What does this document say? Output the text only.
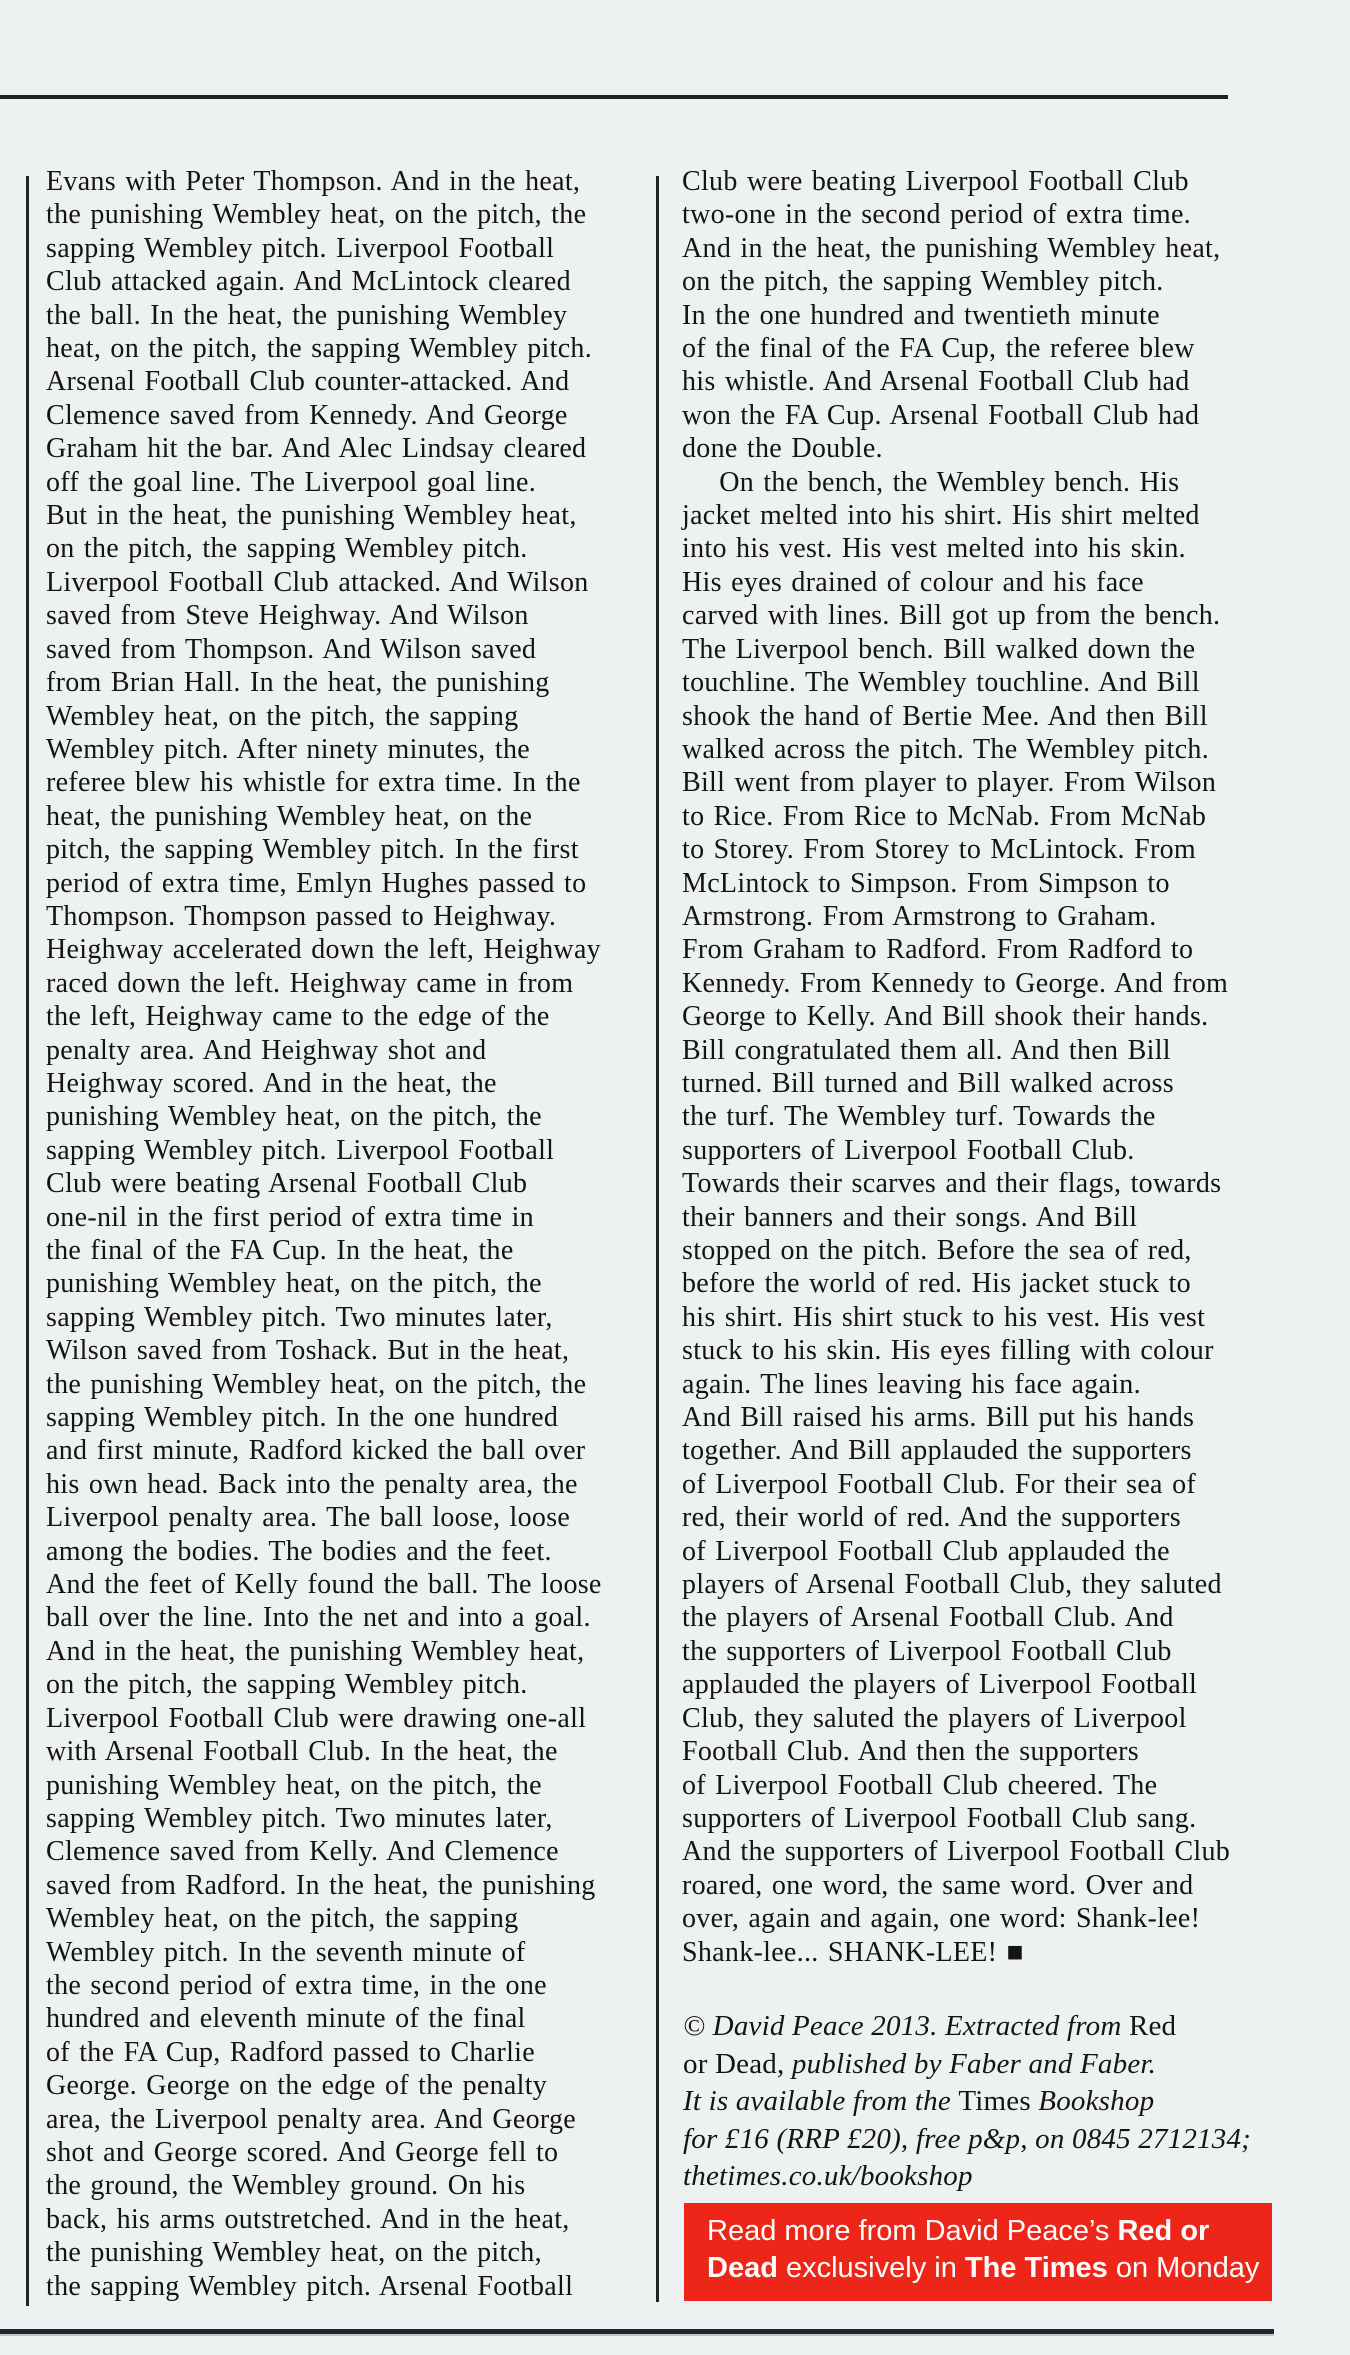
Evans with Peter Thompson. And in the heat,
the punishing Wembley heat, on the pitch, the
sapping Wembley pitch. Liverpool Football
Club attacked again. And McLintock cleared
the ball. In the heat, the punishing Wembley
heat, on the pitch, the sapping Wembley pitch.
Arsenal Football Club counter-attacked. And
Clemence saved from Kennedy. And George
Graham hit the bar. And Alec Lindsay cleared
off the goal line. The Liverpool goal line.
But in the heat, the punishing Wembley heat,
on the pitch, the sapping Wembley pitch.
Liverpool Football Club attacked. And Wilson
saved from Steve Heighway. And Wilson
saved from Thompson. And Wilson saved
from Brian Hall. In the heat, the punishing
Wembley heat, on the pitch, the sapping
Wembley pitch. After ninety minutes, the
referee blew his whistle for extra time. In the
heat, the punishing Wembley heat, on the
pitch, the sapping Wembley pitch. In the first
period of extra time, Emlyn Hughes passed to
Thompson. Thompson passed to Heighway.
Heighway accelerated down the left, Heighway
raced down the left. Heighway came in from
the left, Heighway came to the edge of the
penalty area. And Heighway shot and
Heighway scored. And in the heat, the
punishing Wembley heat, on the pitch, the
sapping Wembley pitch. Liverpool Football
Club were beating Arsenal Football Club
one-nil in the first period of extra time in
the final of the FA Cup. In the heat, the
punishing Wembley heat, on the pitch, the
sapping Wembley pitch. Two minutes later,
Wilson saved from Toshack. But in the heat,
the punishing Wembley heat, on the pitch, the
sapping Wembley pitch. In the one hundred
and first minute, Radford kicked the ball over
his own head. Back into the penalty area, the
Liverpool penalty area. The ball loose, loose
among the bodies. The bodies and the feet.
And the feet of Kelly found the ball. The loose
ball over the line. Into the net and into a goal.
And in the heat, the punishing Wembley heat,
on the pitch, the sapping Wembley pitch.
Liverpool Football Club were drawing one-all
with Arsenal Football Club. In the heat, the
punishing Wembley heat, on the pitch, the
sapping Wembley pitch. Two minutes later,
Clemence saved from Kelly. And Clemence
saved from Radford. In the heat, the punishing
Wembley heat, on the pitch, the sapping
Wembley pitch. In the seventh minute of
the second period of extra time, in the one
hundred and eleventh minute of the final
of the FA Cup, Radford passed to Charlie
George. George on the edge of the penalty
area, the Liverpool penalty area. And George
shot and George scored. And George fell to
the ground, the Wembley ground. On his
back, his arms outstretched. And in the heat,
the punishing Wembley heat, on the pitch,
the sapping Wembley pitch. Arsenal Football
Club were beating Liverpool Football Club
two-one in the second period of extra time.
And in the heat, the punishing Wembley heat,
on the pitch, the sapping Wembley pitch.
In the one hundred and twentieth minute
of the final of the FA Cup, the referee blew
his whistle. And Arsenal Football Club had
won the FA Cup. Arsenal Football Club had
done the Double.
On the bench, the Wembley bench. His
jacket melted into his shirt. His shirt melted
into his vest. His vest melted into his skin.
His eyes drained of colour and his face
carved with lines. Bill got up from the bench.
The Liverpool bench. Bill walked down the
touchline. The Wembley touchline. And Bill
shook the hand of Bertie Mee. And then Bill
walked across the pitch. The Wembley pitch.
Bill went from player to player. From Wilson
to Rice. From Rice to McNab. From McNab
to Storey. From Storey to McLintock. From
McLintock to Simpson. From Simpson to
Armstrong. From Armstrong to Graham.
From Graham to Radford. From Radford to
Kennedy. From Kennedy to George. And from
George to Kelly. And Bill shook their hands.
Bill congratulated them all. And then Bill
turned. Bill turned and Bill walked across
the turf. The Wembley turf. Towards the
supporters of Liverpool Football Club.
Towards their scarves and their flags, towards
their banners and their songs. And Bill
stopped on the pitch. Before the sea of red,
before the world of red. His jacket stuck to
his shirt. His shirt stuck to his vest. His vest
stuck to his skin. His eyes filling with colour
again. The lines leaving his face again.
And Bill raised his arms. Bill put his hands
together. And Bill applauded the supporters
of Liverpool Football Club. For their sea of
red, their world of red. And the supporters
of Liverpool Football Club applauded the
players of Arsenal Football Club, they saluted
the players of Arsenal Football Club. And
the supporters of Liverpool Football Club
applauded the players of Liverpool Football
Club, they saluted the players of Liverpool
Football Club. And then the supporters
of Liverpool Football Club cheered. The
supporters of Liverpool Football Club sang.
And the supporters of Liverpool Football Club
roared, one word, the same word. Over and
over, again and again, one word: Shank-lee!
Shank-lee... SHANK-LEE! ■
© David Peace 2013. Extracted from Red
or Dead, published by Faber and Faber.
It is available from the Times Bookshop
for £16 (RRP £20), free p&p, on 0845 2712134;
thetimes.co.uk/bookshop
Read more from David Peace’s Red or
Dead exclusively in The Times on Monday
